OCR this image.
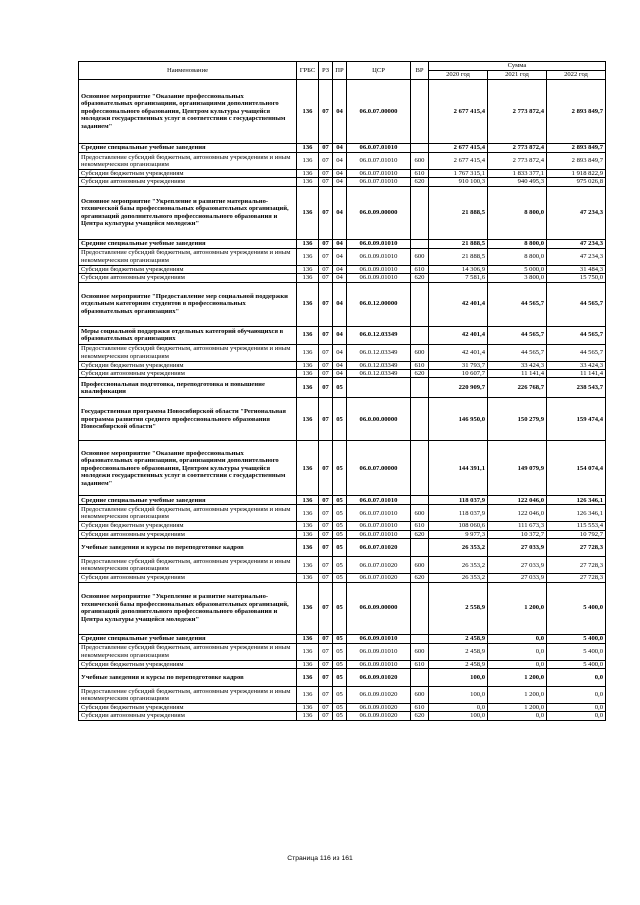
Наименование	ГРБС	РЗ	ПР	ЦСР	ВР	Сумма		
						2020 год	2021 год	2022 год
Основное мероприятие "Оказание профессиональных образовательных организацияи, организациями дополнительного профессионального образования, Центром культуры учащейся молодежи государственных услуг в соответствии с государственным заданием"	136	07	04	06.0.07.00000		2 677 415,4	2 773 872,4	2 893 849,7
Средние специальные учебные заведения	136	07	04	06.0.07.01010		2 677 415,4	2 773 872,4	2 893 849,7
Предоставление субсидий бюджетным, автономным учреждениям и иным некоммерческим организациям	136	07	04	06.0.07.01010	600	2 677 415,4	2 773 872,4	2 893 849,7
Субсидии бюджетным учреждениям	136	07	04	06.0.07.01010	610	1 767 315,1	1 833 377,1	1 918 822,9
Субсидии автономным учреждениям	136	07	04	06.0.07.01010	620	910 100,3	940 495,3	975 026,8
Основное мероприятие "Укрепление и развитие материально-технической базы профессиональных образовательных организаций, организаций дополнительного профессионального образования и Центра культуры учащейся молодежи"	136	07	04	06.0.09.00000		21 888,5	8 800,0	47 234,3
Средние специальные учебные заведения	136	07	04	06.0.09.01010		21 888,5	8 800,0	47 234,3
Предоставление субсидий бюджетным, автономным учреждениям и иным некоммерческим организациям	136	07	04	06.0.09.01010	600	21 888,5	8 800,0	47 234,3
Субсидии бюджетным учреждениям	136	07	04	06.0.09.01010	610	14 306,9	5 000,0	31 484,3
Субсидии автономным учреждениям	136	07	04	06.0.09.01010	620	7 581,6	3 800,0	15 750,0
Основное мероприятие "Предоставление мер социальной поддержки отдельным категориям студентов в профессиональных образовательных организациях"	136	07	04	06.0.12.00000		42 401,4	44 565,7	44 565,7
Меры социальной поддержки отдельных категорий обучающихся в образовательных организациях	136	07	04	06.0.12.03349		42 401,4	44 565,7	44 565,7
Предоставление субсидий бюджетным, автономным учреждениям и иным некоммерческим организациям	136	07	04	06.0.12.03349	600	42 401,4	44 565,7	44 565,7
Субсидии бюджетным учреждениям	136	07	04	06.0.12.03349	610	31 793,7	33 424,3	33 424,3
Субсидии автономным учреждениям	136	07	04	06.0.12.03349	620	10 607,7	11 141,4	11 141,4
Профессиональная подготовка, переподготовка и повышение квалификации	136	07	05			220 909,7	226 768,7	238 543,7
Государственная программа Новосибирской области "Региональная программа развития среднего профессионального образования Новосибирской области"	136	07	05	06.0.00.00000		146 950,0	150 279,9	159 474,4
Основное мероприятие "Оказание профессиональных образовательных организацияи, организациями дополнительного профессионального образования, Центром культуры учащейся молодежи государственных услуг в соответствии с государственным заданием"	136	07	05	06.0.07.00000		144 391,1	149 079,9	154 074,4
Средние специальные учебные заведения	136	07	05	06.0.07.01010		118 037,9	122 046,0	126 346,1
Предоставление субсидий бюджетным, автономным учреждениям и иным некоммерческим организациям	136	07	05	06.0.07.01010	600	118 037,9	122 046,0	126 346,1
Субсидии бюджетным учреждениям	136	07	05	06.0.07.01010	610	108 060,6	111 673,3	115 553,4
Субсидии автономным учреждениям	136	07	05	06.0.07.01010	620	9 977,3	10 372,7	10 792,7
Учебные заведения и курсы по переподготовке кадров	136	07	05	06.0.07.01020		26 353,2	27 033,9	27 728,3
Предоставление субсидий бюджетным, автономным учреждениям и иным некоммерческим организациям	136	07	05	06.0.07.01020	600	26 353,2	27 033,9	27 728,3
Субсидии автономным учреждениям	136	07	05	06.0.07.01020	620	26 353,2	27 033,9	27 728,3
Основное мероприятие "Укрепление и развитие материально-технической базы профессиональных образовательных организаций, организаций дополнительного профессионального образования и Центра культуры учащейся молодежи"	136	07	05	06.0.09.00000		2 558,9	1 200,0	5 400,0
Средние специальные учебные заведения	136	07	05	06.0.09.01010		2 458,9	0,0	5 400,0
Предоставление субсидий бюджетным, автономным учреждениям и иным некоммерческим организациям	136	07	05	06.0.09.01010	600	2 458,9	0,0	5 400,0
Субсидии бюджетным учреждениям	136	07	05	06.0.09.01010	610	2 458,9	0,0	5 400,0
Учебные заведения и курсы по переподготовке кадров	136	07	05	06.0.09.01020		100,0	1 200,0	0,0
Предоставление субсидий бюджетным, автономным учреждениям и иным некоммерческим организациям	136	07	05	06.0.09.01020	600	100,0	1 200,0	0,0
Субсидии бюджетным учреждениям	136	07	05	06.0.09.01020	610	0,0	1 200,0	0,0
Субсидии автономным учреждениям	136	07	05	06.0.09.01020	620	100,0	0,0	0,0
Страница 116 из 161
